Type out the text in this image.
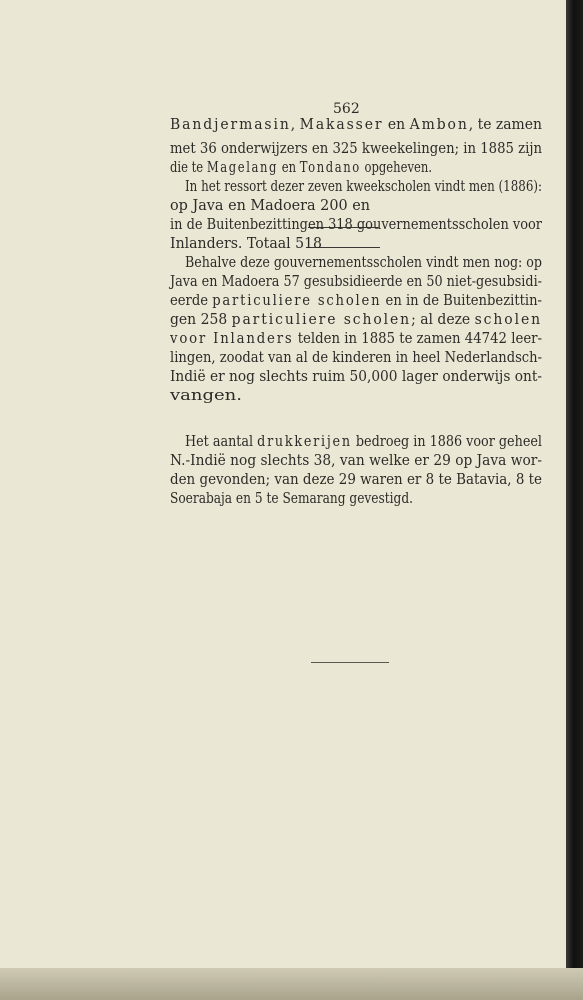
562
Bandjermasin, Makasser en Ambon, te zamen
met 36 onderwijzers en 325 kweekelingen; in 1885 zijn
die te Magelang en Tondano opgeheven.
In het ressort dezer zeven kweekscholen vindt men (1886):
op Java en Madoera 200 en
in de Buitenbezittingen 318 gouvernementsscholen voor
Inlanders. Totaal 518
Behalve deze gouvernementsscholen vindt men nog: op
Java en Madoera 57 gesubsidieerde en 50 niet-gesubsidi-
eerde particuliere scholen en in de Buitenbezittin-
gen 258 particuliere scholen; al deze scholen
voor Inlanders telden in 1885 te zamen 44742 leer-
lingen, zoodat van al de kinderen in heel Nederlandsch-
Indië er nog slechts ruim 50,000 lager onderwijs ont-
vangen.
Het aantal drukkerijen bedroeg in 1886 voor geheel
N.-Indië nog slechts 38, van welke er 29 op Java wor-
den gevonden; van deze 29 waren er 8 te Batavia, 8 te
Soerabaja en 5 te Semarang gevestigd.
